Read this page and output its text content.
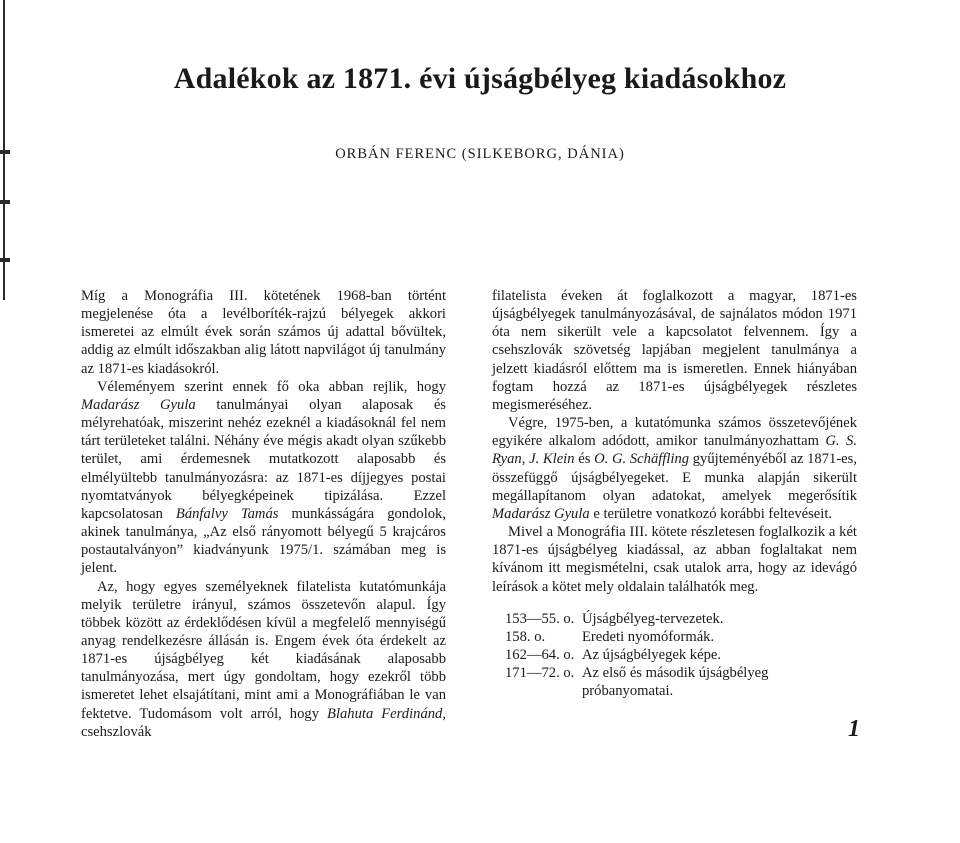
Adalékok az 1871. évi újságbélyeg kiadásokhoz
ORBÁN FERENC (SILKEBORG, DÁNIA)

Míg a Monográfia III. kötetének 1968-ban történt megjelenése óta a levélboríték-rajzú bélyegek akkori ismeretei az elmúlt évek során számos új adattal bővültek, addig az elmúlt időszakban alig látott napvilágot új tanulmány az 1871-es kiadásokról.

Véleményem szerint ennek fő oka abban rejlik, hogy Madarász Gyula tanulmányai olyan alaposak és mélyrehatóak, miszerint nehéz ezeknél a kiadásoknál fel nem tárt területeket találni. Néhány éve mégis akadt olyan szűkebb terület, ami érdemesnek mutatkozott alaposabb és elmélyültebb tanulmányozásra: az 1871-es díjjegyes postai nyomtatványok bélyegképeinek tipizálása. Ezzel kapcsolatosan Bánfalvy Tamás munkásságára gondolok, akinek tanulmánya, „Az első rányomott bélyegű 5 krajcáros postautalványon” kiadványunk 1975/1. számában meg is jelent.

Az, hogy egyes személyeknek filatelista kutatómunkája melyik területre irányul, számos összetevőn alapul. Így többek között az érdeklődésen kívül a megfelelő mennyiségű anyag rendelkezésre állásán is. Engem évek óta érdekelt az 1871-es újságbélyeg két kiadásának alaposabb tanulmányozása, mert úgy gondoltam, hogy ezekről több ismeretet lehet elsajátítani, mint ami a Monográfiában le van fektetve. Tudomásom volt arról, hogy Blahuta Ferdinánd, csehszlovák

filatelista éveken át foglalkozott a magyar, 1871-es újságbélyegek tanulmányozásával, de sajnálatos módon 1971 óta nem sikerült vele a kapcsolatot felvennem. Így a csehszlovák szövetség lapjában megjelent tanulmánya a jelzett kiadásról előttem ma is ismeretlen. Ennek hiányában fogtam hozzá az 1871-es újságbélyegek részletes megismeréséhez.

Végre, 1975-ben, a kutatómunka számos összetevőjének egyikére alkalom adódott, amikor tanulmányozhattam G. S. Ryan, J. Klein és O. G. Schäffling gyűjteményéből az 1871-es, összefüggő újságbélyegeket. E munka alapján sikerült megállapítanom olyan adatokat, amelyek megerősítik Madarász Gyula e területre vonatkozó korábbi feltevéseit.

Mivel a Monográfia III. kötete részletesen foglalkozik a két 1871-es újságbélyeg kiadással, az abban foglaltakat nem kívánom itt megismételni, csak utalok arra, hogy az idevágó leírások a kötet mely oldalain találhatók meg.

153—55. o. Újságbélyeg-tervezetek.
158. o.	Eredeti nyomóformák.
162—64. o. Az újságbélyegek képe.
171—72. o. Az első és második újságbélyeg próbanyomatai.
1
